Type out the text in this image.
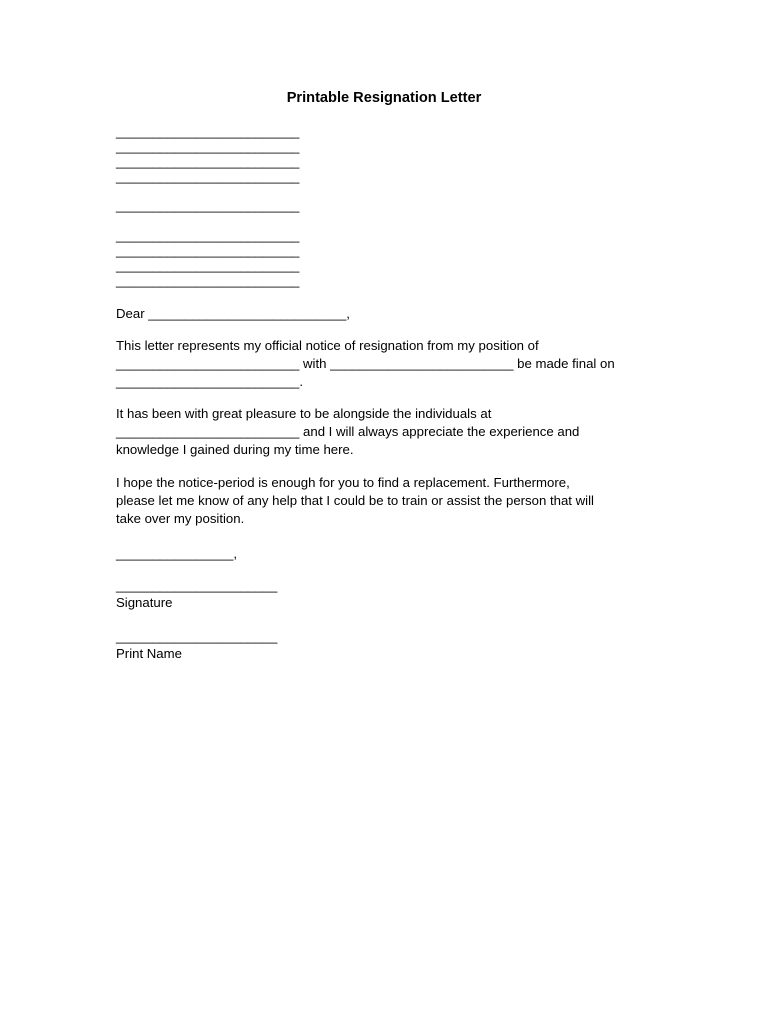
Printable Resignation Letter
_________________________
_________________________
_________________________
_________________________
_________________________
_________________________
_________________________
_________________________
_________________________
Dear ___________________________,
This letter represents my official notice of resignation from my position of
_________________________ with _________________________ be made final on
_________________________.
It has been with great pleasure to be alongside the individuals at
_________________________ and I will always appreciate the experience and
knowledge I gained during my time here.
I hope the notice-period is enough for you to find a replacement. Furthermore,
please let me know of any help that I could be to train or assist the person that will
take over my position.
________________,
______________________
Signature
______________________
Print Name
